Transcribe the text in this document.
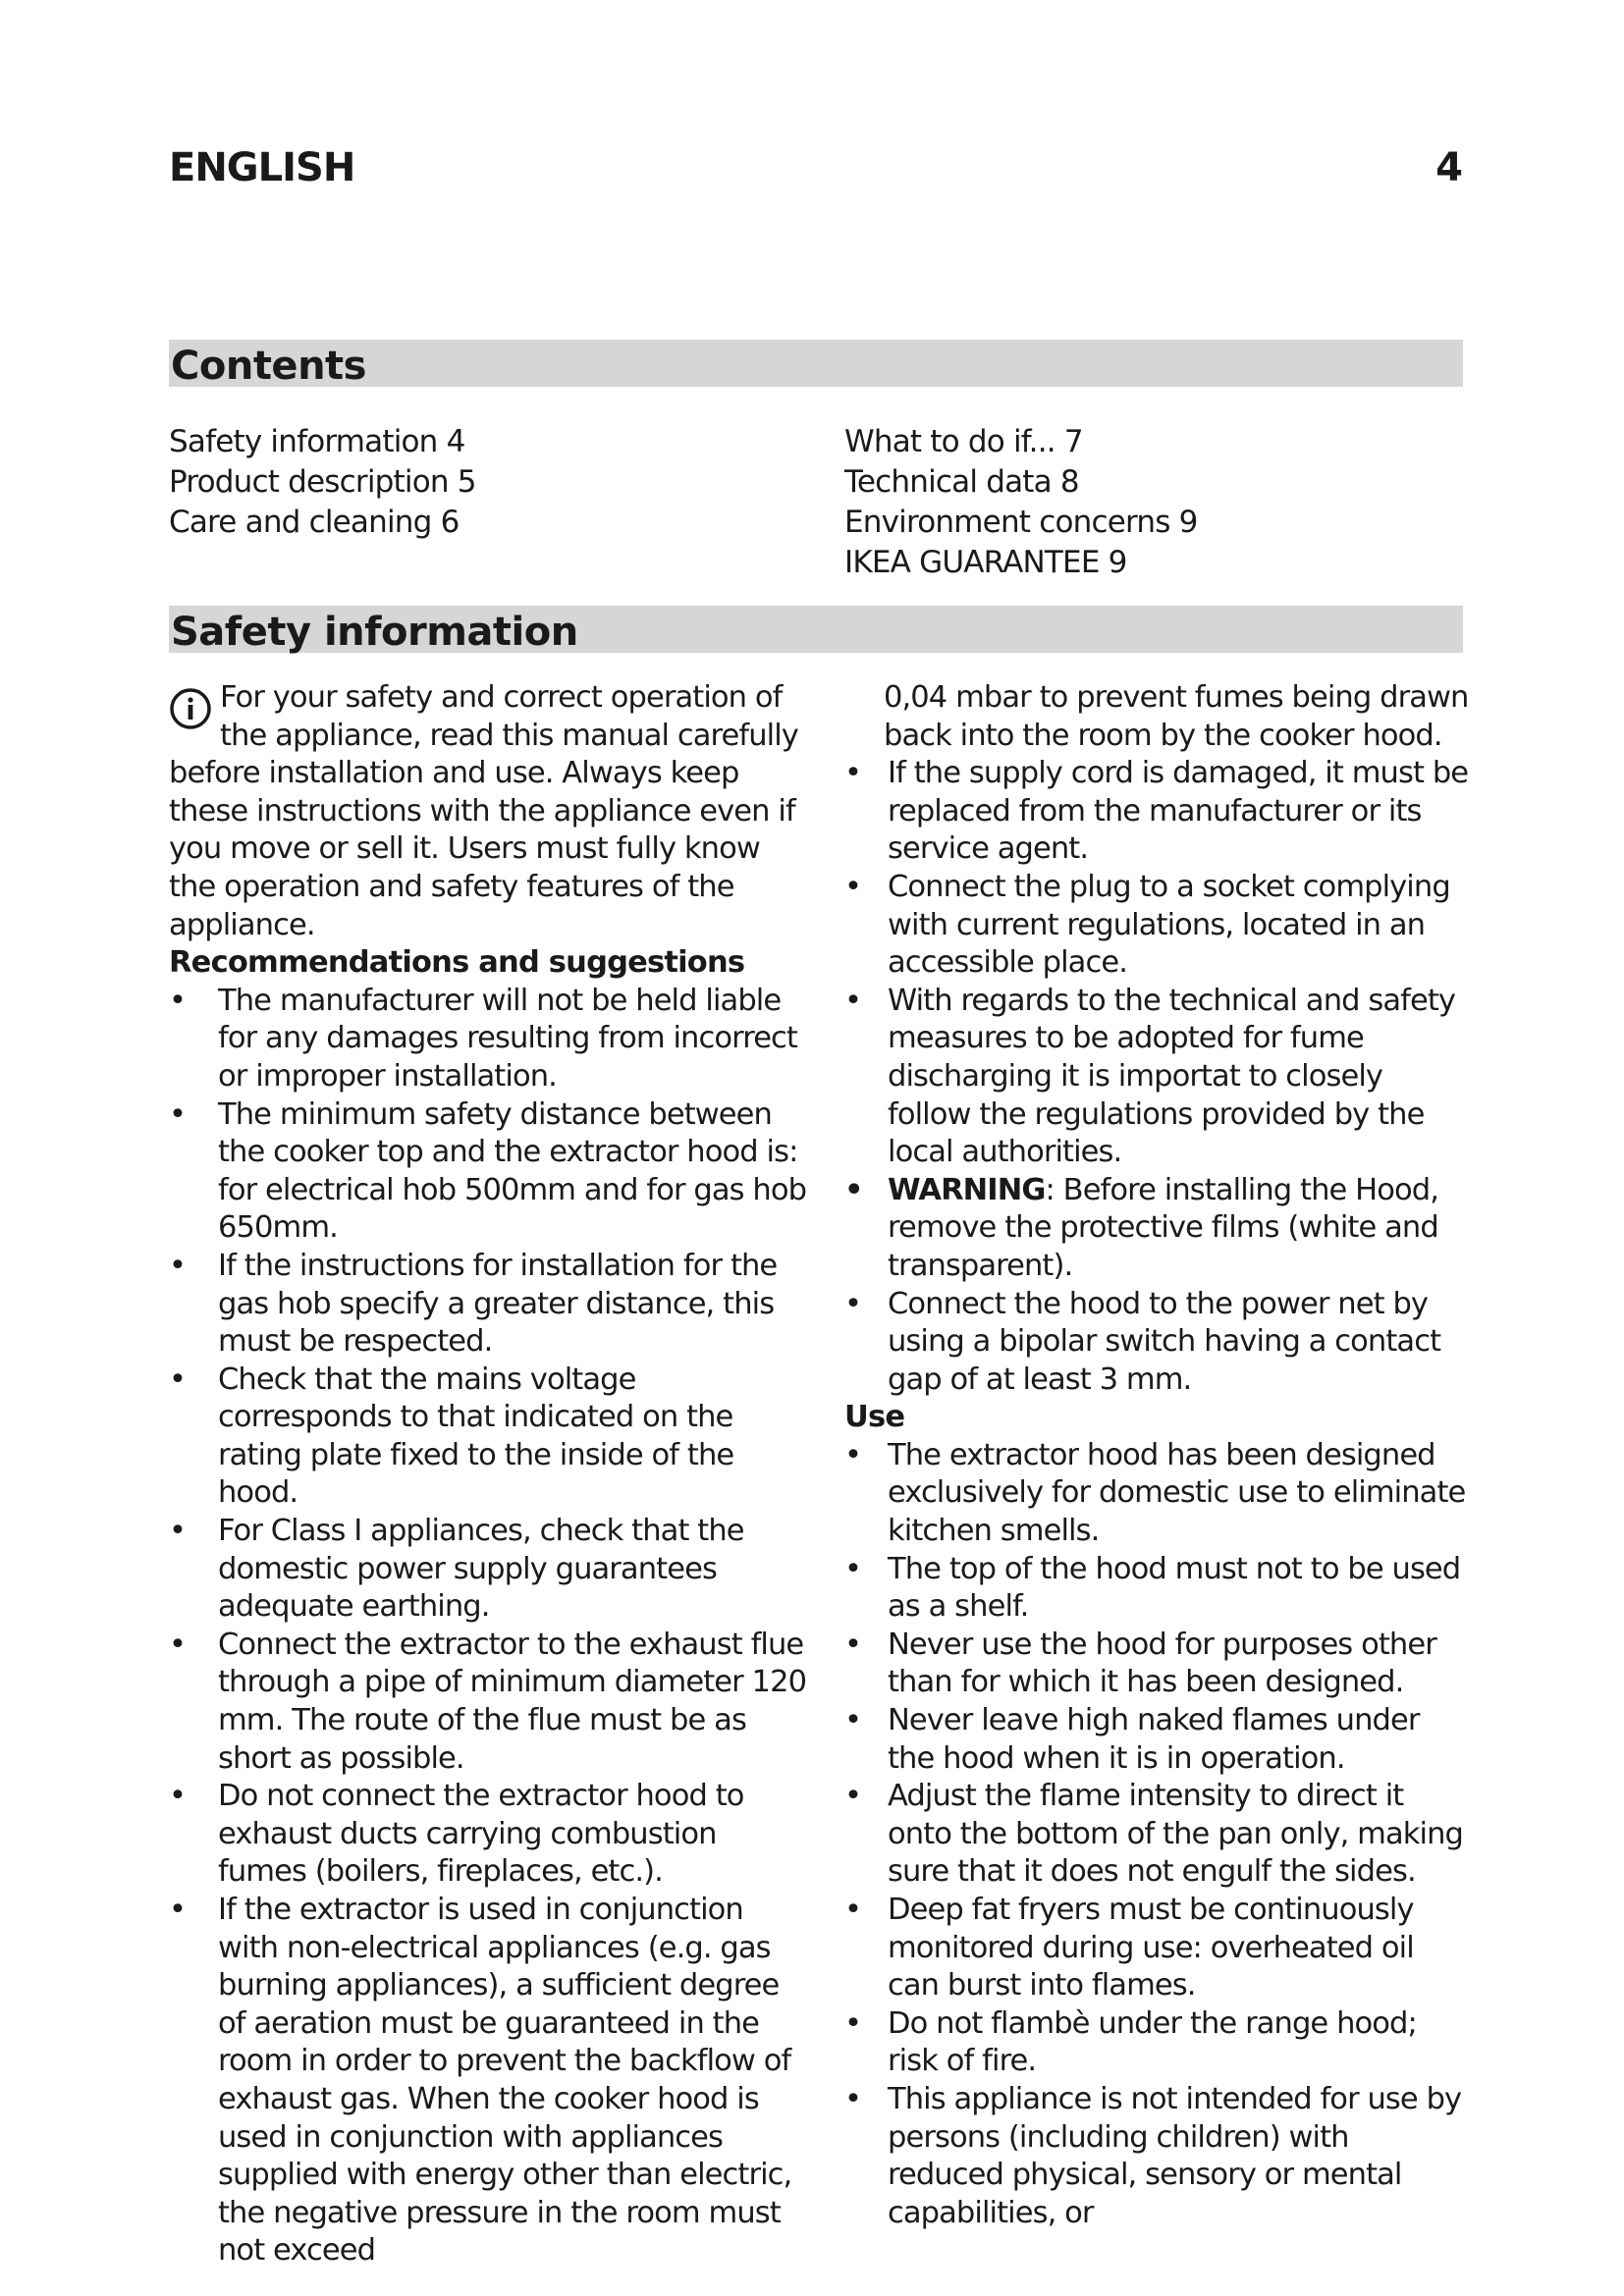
ENGLISH	4
Contents
Safety information 4
Product description 5
Care and cleaning 6
What to do if... 7
Technical data 8
Environment concerns 9
IKEA GUARANTEE 9
Safety information

For your safety and correct operation of the appliance, read this manual carefully before installation and use. Always keep these instructions with the appliance even if you move or sell it. Users must fully know the operation and safety features of the appliance.

Recommendations and suggestions

•	The manufacturer will not be held liable for any damages resulting from incorrect or improper installation.
•	The minimum safety distance between the cooker top and the extractor hood is: for electrical hob 500mm and for gas hob 650mm.
•	If the instructions for installation for the gas hob specify a greater distance, this must be respected.
•	Check that the mains voltage corresponds to that indicated on the rating plate fixed to the inside of the hood.
•	For Class I appliances, check that the domestic power supply guarantees adequate earthing.
•	Connect the extractor to the exhaust flue through a pipe of minimum diameter 120 mm. The route of the flue must be as short as possible.
•	Do not connect the extractor hood to exhaust ducts carrying combustion fumes (boilers, fireplaces, etc.).
•	If the extractor is used in conjunction with non-electrical appliances (e.g. gas burning appliances), a sufficient degree of aeration must be guaranteed in the room in order to prevent the backflow of exhaust gas. When the cooker hood is used in conjunction with appliances supplied with energy other than electric, the negative pressure in the room must not exceed

0,04 mbar to prevent fumes being drawn back into the room by the cooker hood.

• If the supply cord is damaged, it must be replaced from the manufacturer or its service agent.
• Connect the plug to a socket complying with current regulations, located in an accessible place.
• With regards to the technical and safety measures to be adopted for fume discharging it is importat to closely follow the regulations provided by the local authorities.
• WARNING: Before installing the Hood, remove the protective films (white and transparent).
• Connect the hood to the power net by using a bipolar switch having a contact gap of at least 3 mm.

Use

• The extractor hood has been designed exclusively for domestic use to eliminate kitchen smells.
• The top of the hood must not to be used as a shelf.
• Never use the hood for purposes other than for which it has been designed.
• Never leave high naked flames under the hood when it is in operation.
• Adjust the flame intensity to direct it onto the bottom of the pan only, making sure that it does not engulf the sides.
• Deep fat fryers must be continuously monitored during use: overheated oil can burst into flames.
• Do not flambè under the range hood; risk of fire.
• This appliance is not intended for use by persons (including children) with reduced physical, sensory or mental capabilities, or
